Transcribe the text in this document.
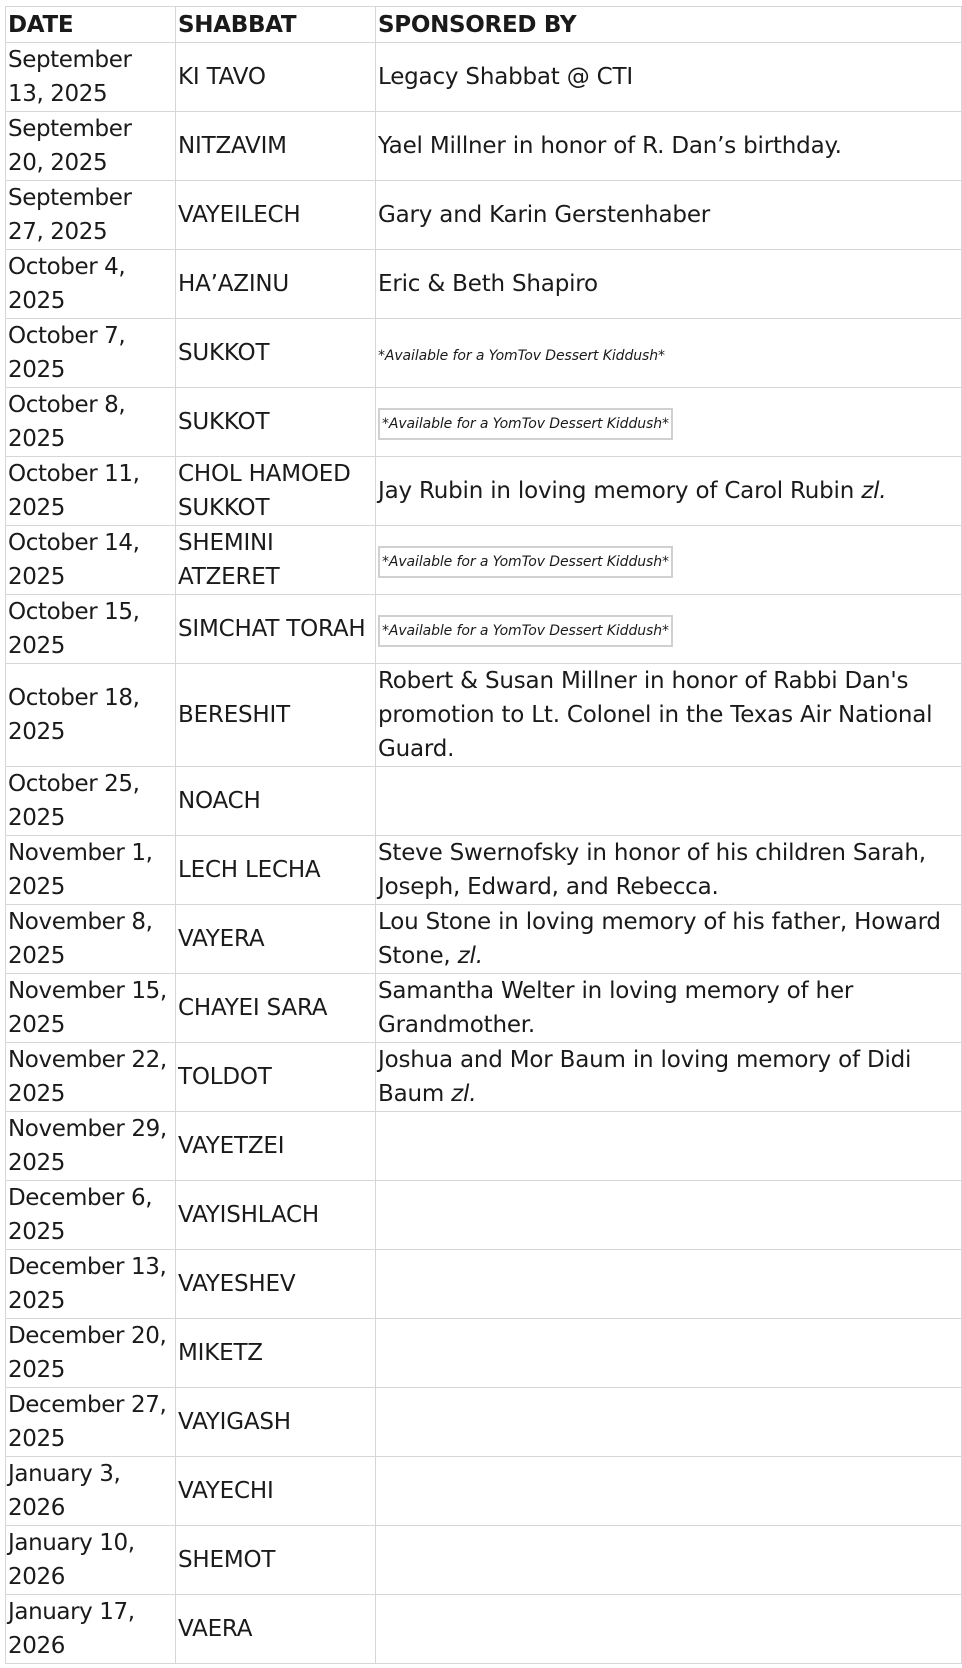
DATE	SHABBAT	SPONSORED BY
September 13, 2025	KI TAVO	Legacy Shabbat @ CTI
September 20, 2025	NITZAVIM	Yael Millner in honor of R. Dan’s birthday.
September 27, 2025	VAYEILECH	Gary and Karin Gerstenhaber
October 4, 2025	HA’AZINU	Eric & Beth Shapiro
October 7, 2025	SUKKOT	*Available for a YomTov Dessert Kiddush*
October 8, 2025	SUKKOT	*Available for a YomTov Dessert Kiddush*
October 11, 2025	CHOL HAMOED SUKKOT	Jay Rubin in loving memory of Carol Rubin zl.
October 14, 2025	SHEMINI ATZERET	*Available for a YomTov Dessert Kiddush*
October 15, 2025	SIMCHAT TORAH	*Available for a YomTov Dessert Kiddush*
October 18, 2025	BERESHIT	Robert & Susan Millner in honor of Rabbi Dan's promotion to Lt. Colonel in the Texas Air National Guard.
October 25, 2025	NOACH	
November 1, 2025	LECH LECHA	Steve Swernofsky in honor of his children Sarah, Joseph, Edward, and Rebecca.
November 8, 2025	VAYERA	Lou Stone in loving memory of his father, Howard Stone, zl.
November 15, 2025	CHAYEI SARA	Samantha Welter in loving memory of her Grandmother.
November 22, 2025	TOLDOT	Joshua and Mor Baum in loving memory of Didi Baum zl.
November 29, 2025	VAYETZEI	
December 6, 2025	VAYISHLACH	
December 13, 2025	VAYESHEV	
December 20, 2025	MIKETZ	
December 27, 2025	VAYIGASH	
January 3, 2026	VAYECHI	
January 10, 2026	SHEMOT	
January 17, 2026	VAERA	
